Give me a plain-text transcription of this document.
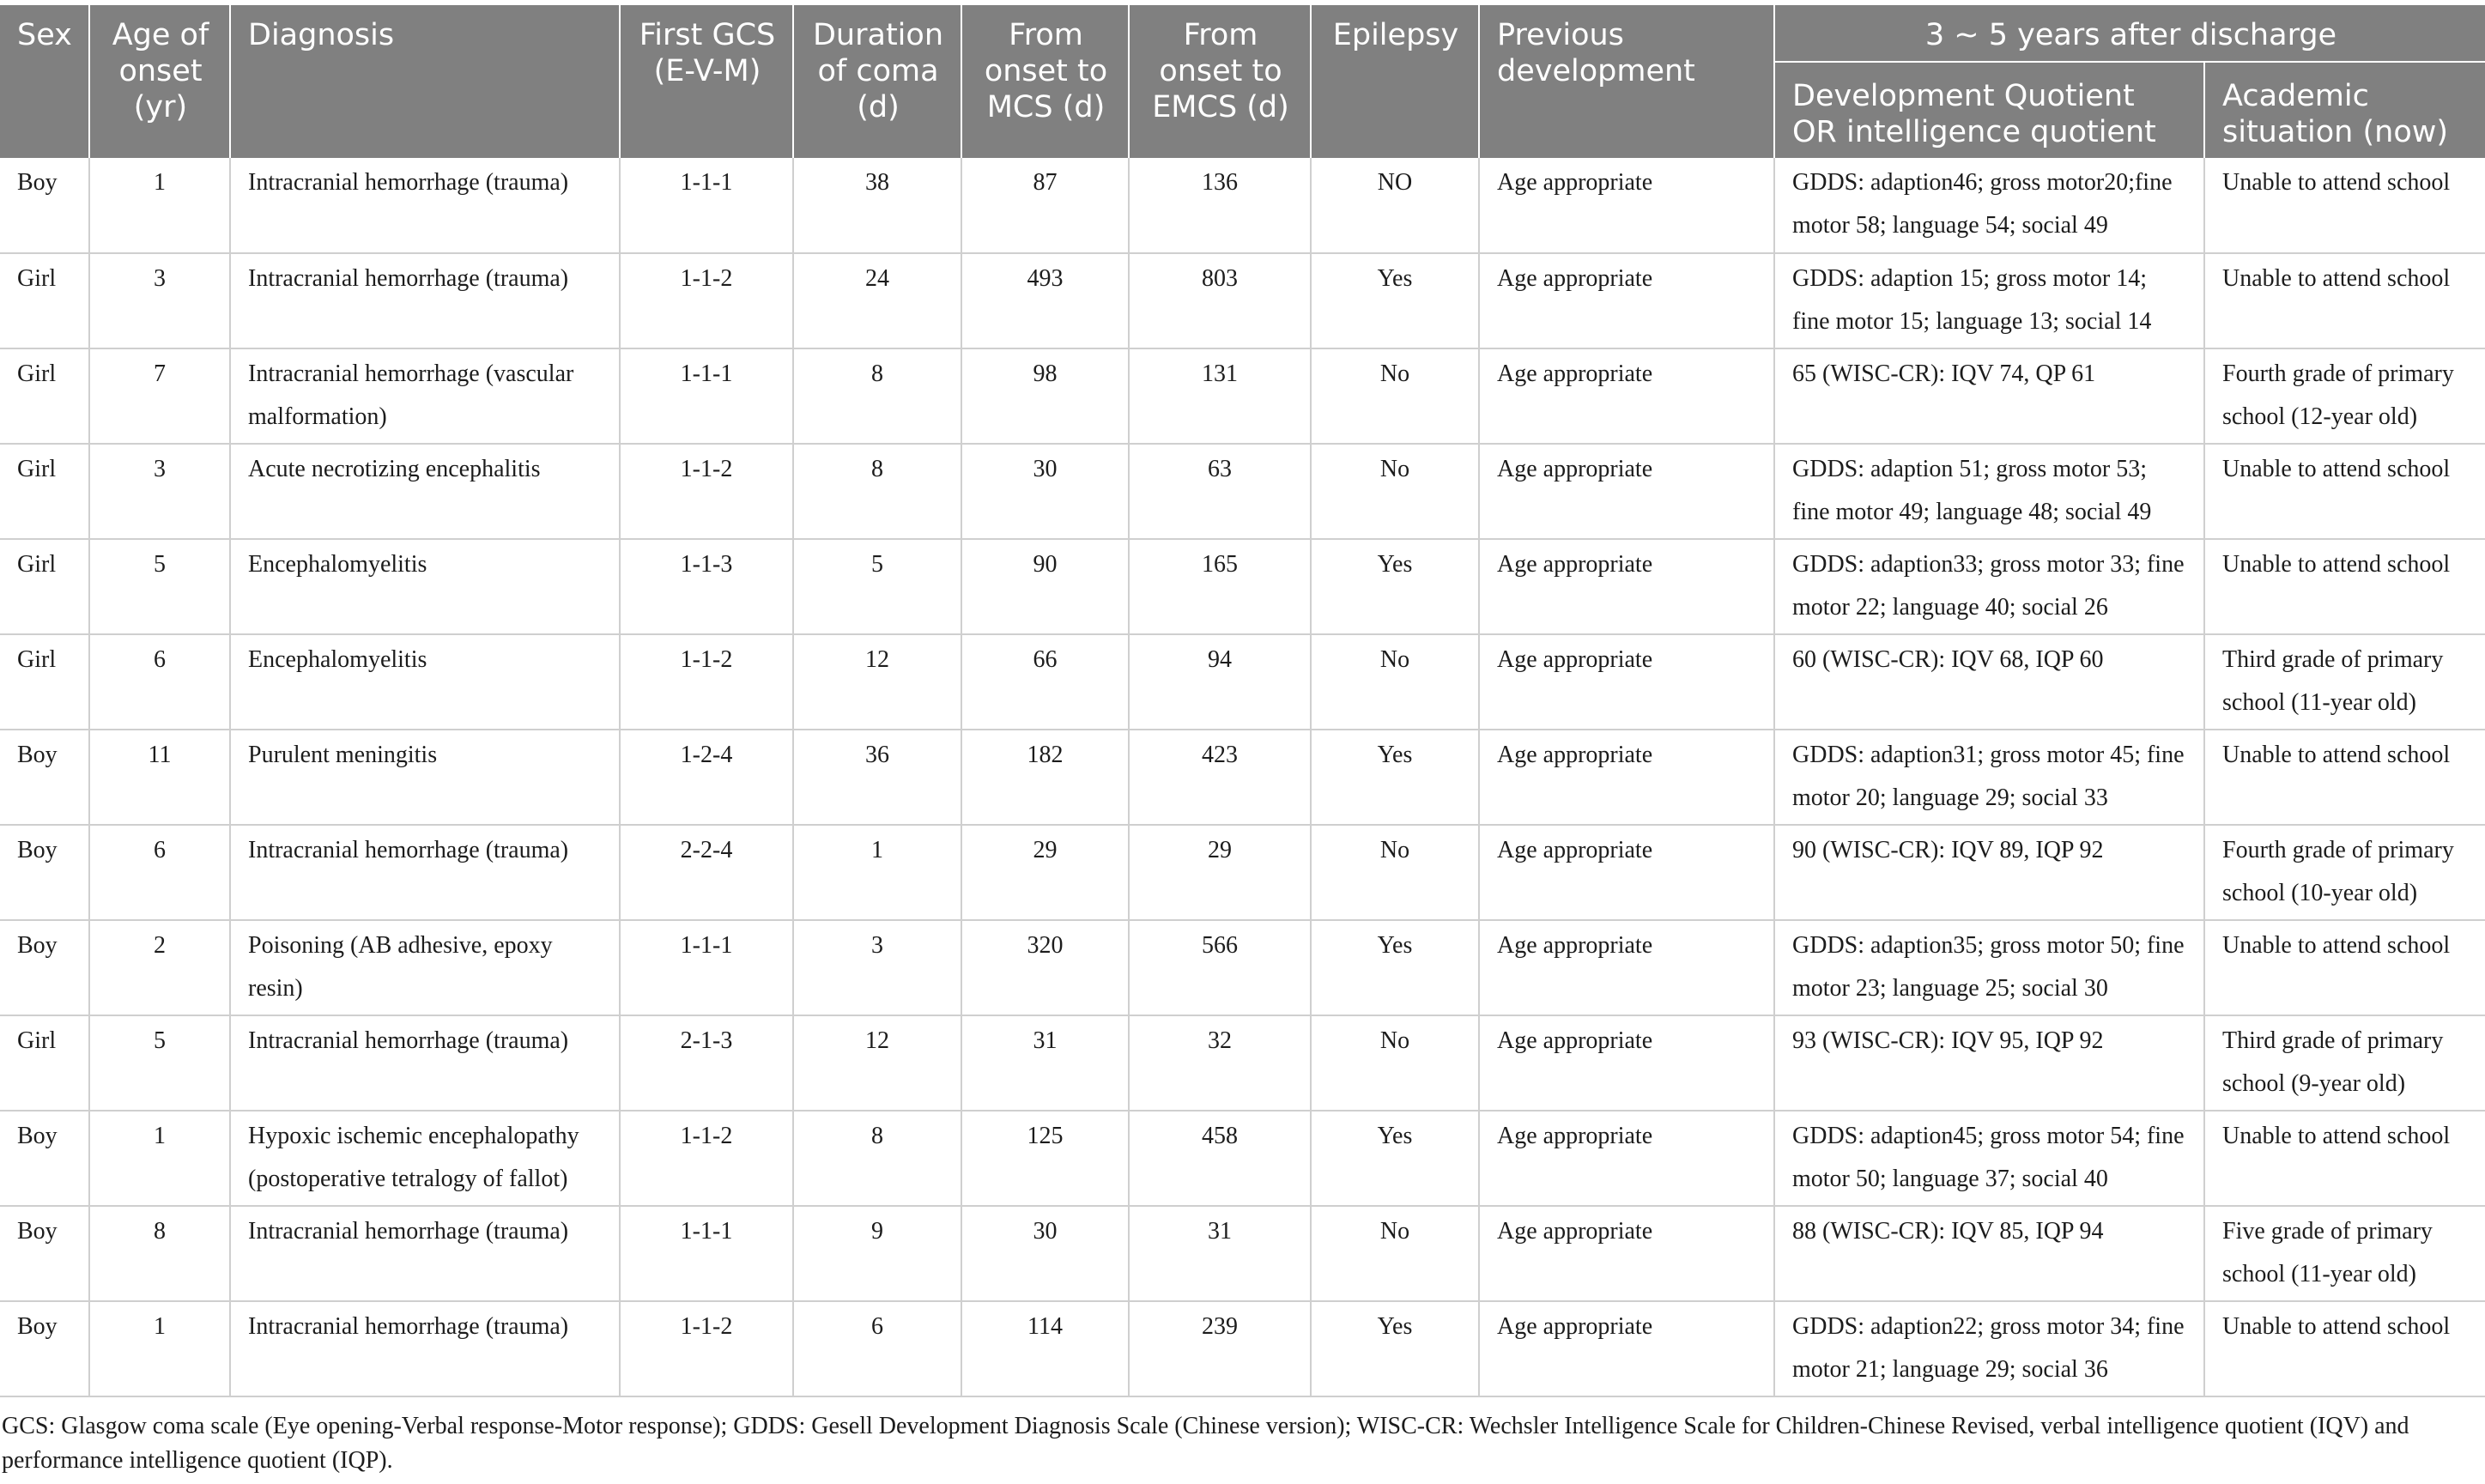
Sex	Age of onset (yr)	Diagnosis	First GCS (E-V-M)	Duration of coma (d)	From onset to MCS (d)	From onset to EMCS (d)	Epilepsy	Previous development	3 ~ 5 years after discharge	
									Development Quotient OR intelligence quotient	Academic situation (now)
Boy	1	Intracranial hemorrhage (trauma)	1-1-1	38	87	136	NO	Age appropriate	GDDS: adaption46; gross motor20;fine motor 58; language 54; social 49	Unable to attend school
Girl	3	Intracranial hemorrhage (trauma)	1-1-2	24	493	803	Yes	Age appropriate	GDDS: adaption 15; gross motor 14; fine motor 15; language 13; social 14	Unable to attend school
Girl	7	Intracranial hemorrhage (vascular malformation)	1-1-1	8	98	131	No	Age appropriate	65 (WISC-CR): IQV 74, QP 61	Fourth grade of primary school (12-year old)
Girl	3	Acute necrotizing encephalitis	1-1-2	8	30	63	No	Age appropriate	GDDS: adaption 51; gross motor 53; fine motor 49; language 48; social 49	Unable to attend school
Girl	5	Encephalomyelitis	1-1-3	5	90	165	Yes	Age appropriate	GDDS: adaption33; gross motor 33; fine motor 22; language 40; social 26	Unable to attend school
Girl	6	Encephalomyelitis	1-1-2	12	66	94	No	Age appropriate	60 (WISC-CR): IQV 68, IQP 60	Third grade of primary school (11-year old)
Boy	11	Purulent meningitis	1-2-4	36	182	423	Yes	Age appropriate	GDDS: adaption31; gross motor 45; fine motor 20; language 29; social 33	Unable to attend school
Boy	6	Intracranial hemorrhage (trauma)	2-2-4	1	29	29	No	Age appropriate	90 (WISC-CR): IQV 89, IQP 92	Fourth grade of primary school (10-year old)
Boy	2	Poisoning (AB adhesive, epoxy resin)	1-1-1	3	320	566	Yes	Age appropriate	GDDS: adaption35; gross motor 50; fine motor 23; language 25; social 30	Unable to attend school
Girl	5	Intracranial hemorrhage (trauma)	2-1-3	12	31	32	No	Age appropriate	93 (WISC-CR): IQV 95, IQP 92	Third grade of primary school (9-year old)
Boy	1	Hypoxic ischemic encephalopathy (postoperative tetralogy of fallot)	1-1-2	8	125	458	Yes	Age appropriate	GDDS: adaption45; gross motor 54; fine motor 50; language 37; social 40	Unable to attend school
Boy	8	Intracranial hemorrhage (trauma)	1-1-1	9	30	31	No	Age appropriate	88 (WISC-CR): IQV 85, IQP 94	Five grade of primary school (11-year old)
Boy	1	Intracranial hemorrhage (trauma)	1-1-2	6	114	239	Yes	Age appropriate	GDDS: adaption22; gross motor 34; fine motor 21; language 29; social 36	Unable to attend school
GCS: Glasgow coma scale (Eye opening-Verbal response-Motor response); GDDS: Gesell Development Diagnosis Scale (Chinese version); WISC-CR: Wechsler Intelligence Scale for Children-Chinese Revised, verbal intelligence quotient (IQV) and performance intelligence quotient (IQP).
